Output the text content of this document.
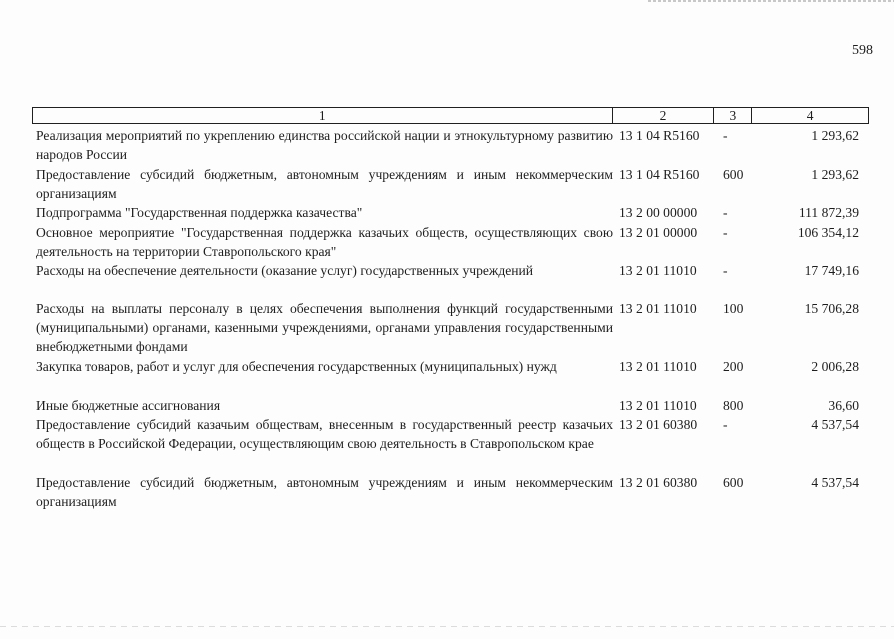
598
1	2	3	4
Реализация мероприятий по укреплению единства российской нации и этнокультурному развитию народов России
13 1 04 R5160 -	1 293,62
Предоставление субсидий бюджетным, автономным учреждениям и иным некоммерческим организациям
13 1 04 R5160 600	1 293,62
Подпрограмма "Государственная поддержка казачества"	13 2 00 00000 -	111 872,39
Основное мероприятие "Государственная поддержка казачьих обществ, осуществляющих свою деятельность на территории Ставропольского края"
13 2 01 00000 -	106 354,12
Расходы на обеспечение деятельности (оказание услуг) государственных учреждений	13 2 01 11010 -	17 749,16
Расходы на выплаты персоналу в целях обеспечения выполнения функций государственными (муниципальными) органами, казенными учреждениями, органами управления государственными внебюджетными фондами
13 2 01 11010 100	15 706,28
Закупка товаров, работ и услуг для обеспечения государственных (муниципальных) нужд	13 2 01 11010 200	2 006,28
Иные бюджетные ассигнования	13 2 01 11010 800	36,60
Предоставление субсидий казачьим обществам, внесенным в государственный реестр казачьих обществ в Российской Федерации, осуществляющим свою деятельность в Ставропольском крае
13 2 01 60380 -	4 537,54
Предоставление субсидий бюджетным, автономным учреждениям и иным некоммерческим организациям
13 2 01 60380 600	4 537,54
